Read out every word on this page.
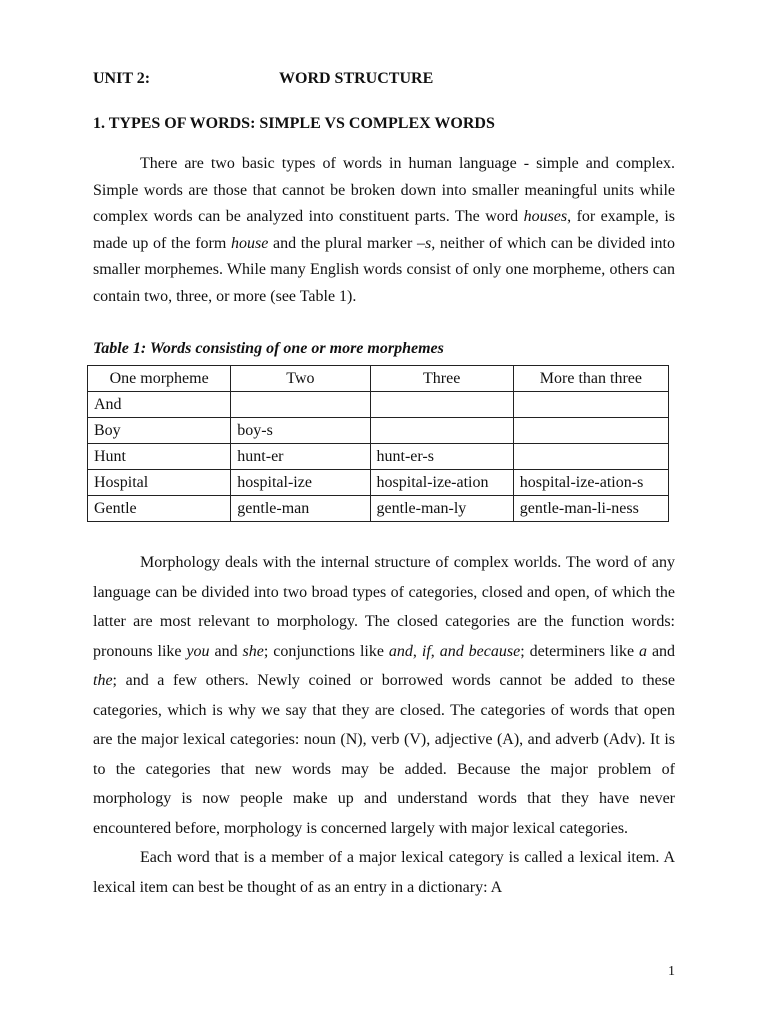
UNIT 2:	WORD STRUCTURE
1. TYPES OF WORDS: SIMPLE VS COMPLEX WORDS

There are two basic types of words in human language - simple and complex. Simple words are those that cannot be broken down into smaller meaningful units while complex words can be analyzed into constituent parts. The word houses, for example, is made up of the form house and the plural marker –s, neither of which can be divided into smaller morphemes. While many English words consist of only one morpheme, others can contain two, three, or more (see Table 1).

Table 1: Words consisting of one or more morphemes
One morpheme	Two	Three	More than three
And			
Boy	boy-s		
Hunt	hunt-er	hunt-er-s	
Hospital	hospital-ize	hospital-ize-ation	hospital-ize-ation-s
Gentle	gentle-man	gentle-man-ly	gentle-man-li-ness

Morphology deals with the internal structure of complex worlds. The word of any language can be divided into two broad types of categories, closed and open, of which the latter are most relevant to morphology. The closed categories are the function words: pronouns like you and she; conjunctions like and, if, and because; determiners like a and the; and a few others. Newly coined or borrowed words cannot be added to these categories, which is why we say that they are closed. The categories of words that open are the major lexical categories: noun (N), verb (V), adjective (A), and adverb (Adv). It is to the categories that new words may be added. Because the major problem of morphology is now people make up and understand words that they have never encountered before, morphology is concerned largely with major lexical categories.

Each word that is a member of a major lexical category is called a lexical item. A lexical item can best be thought of as an entry in a dictionary: A

1
